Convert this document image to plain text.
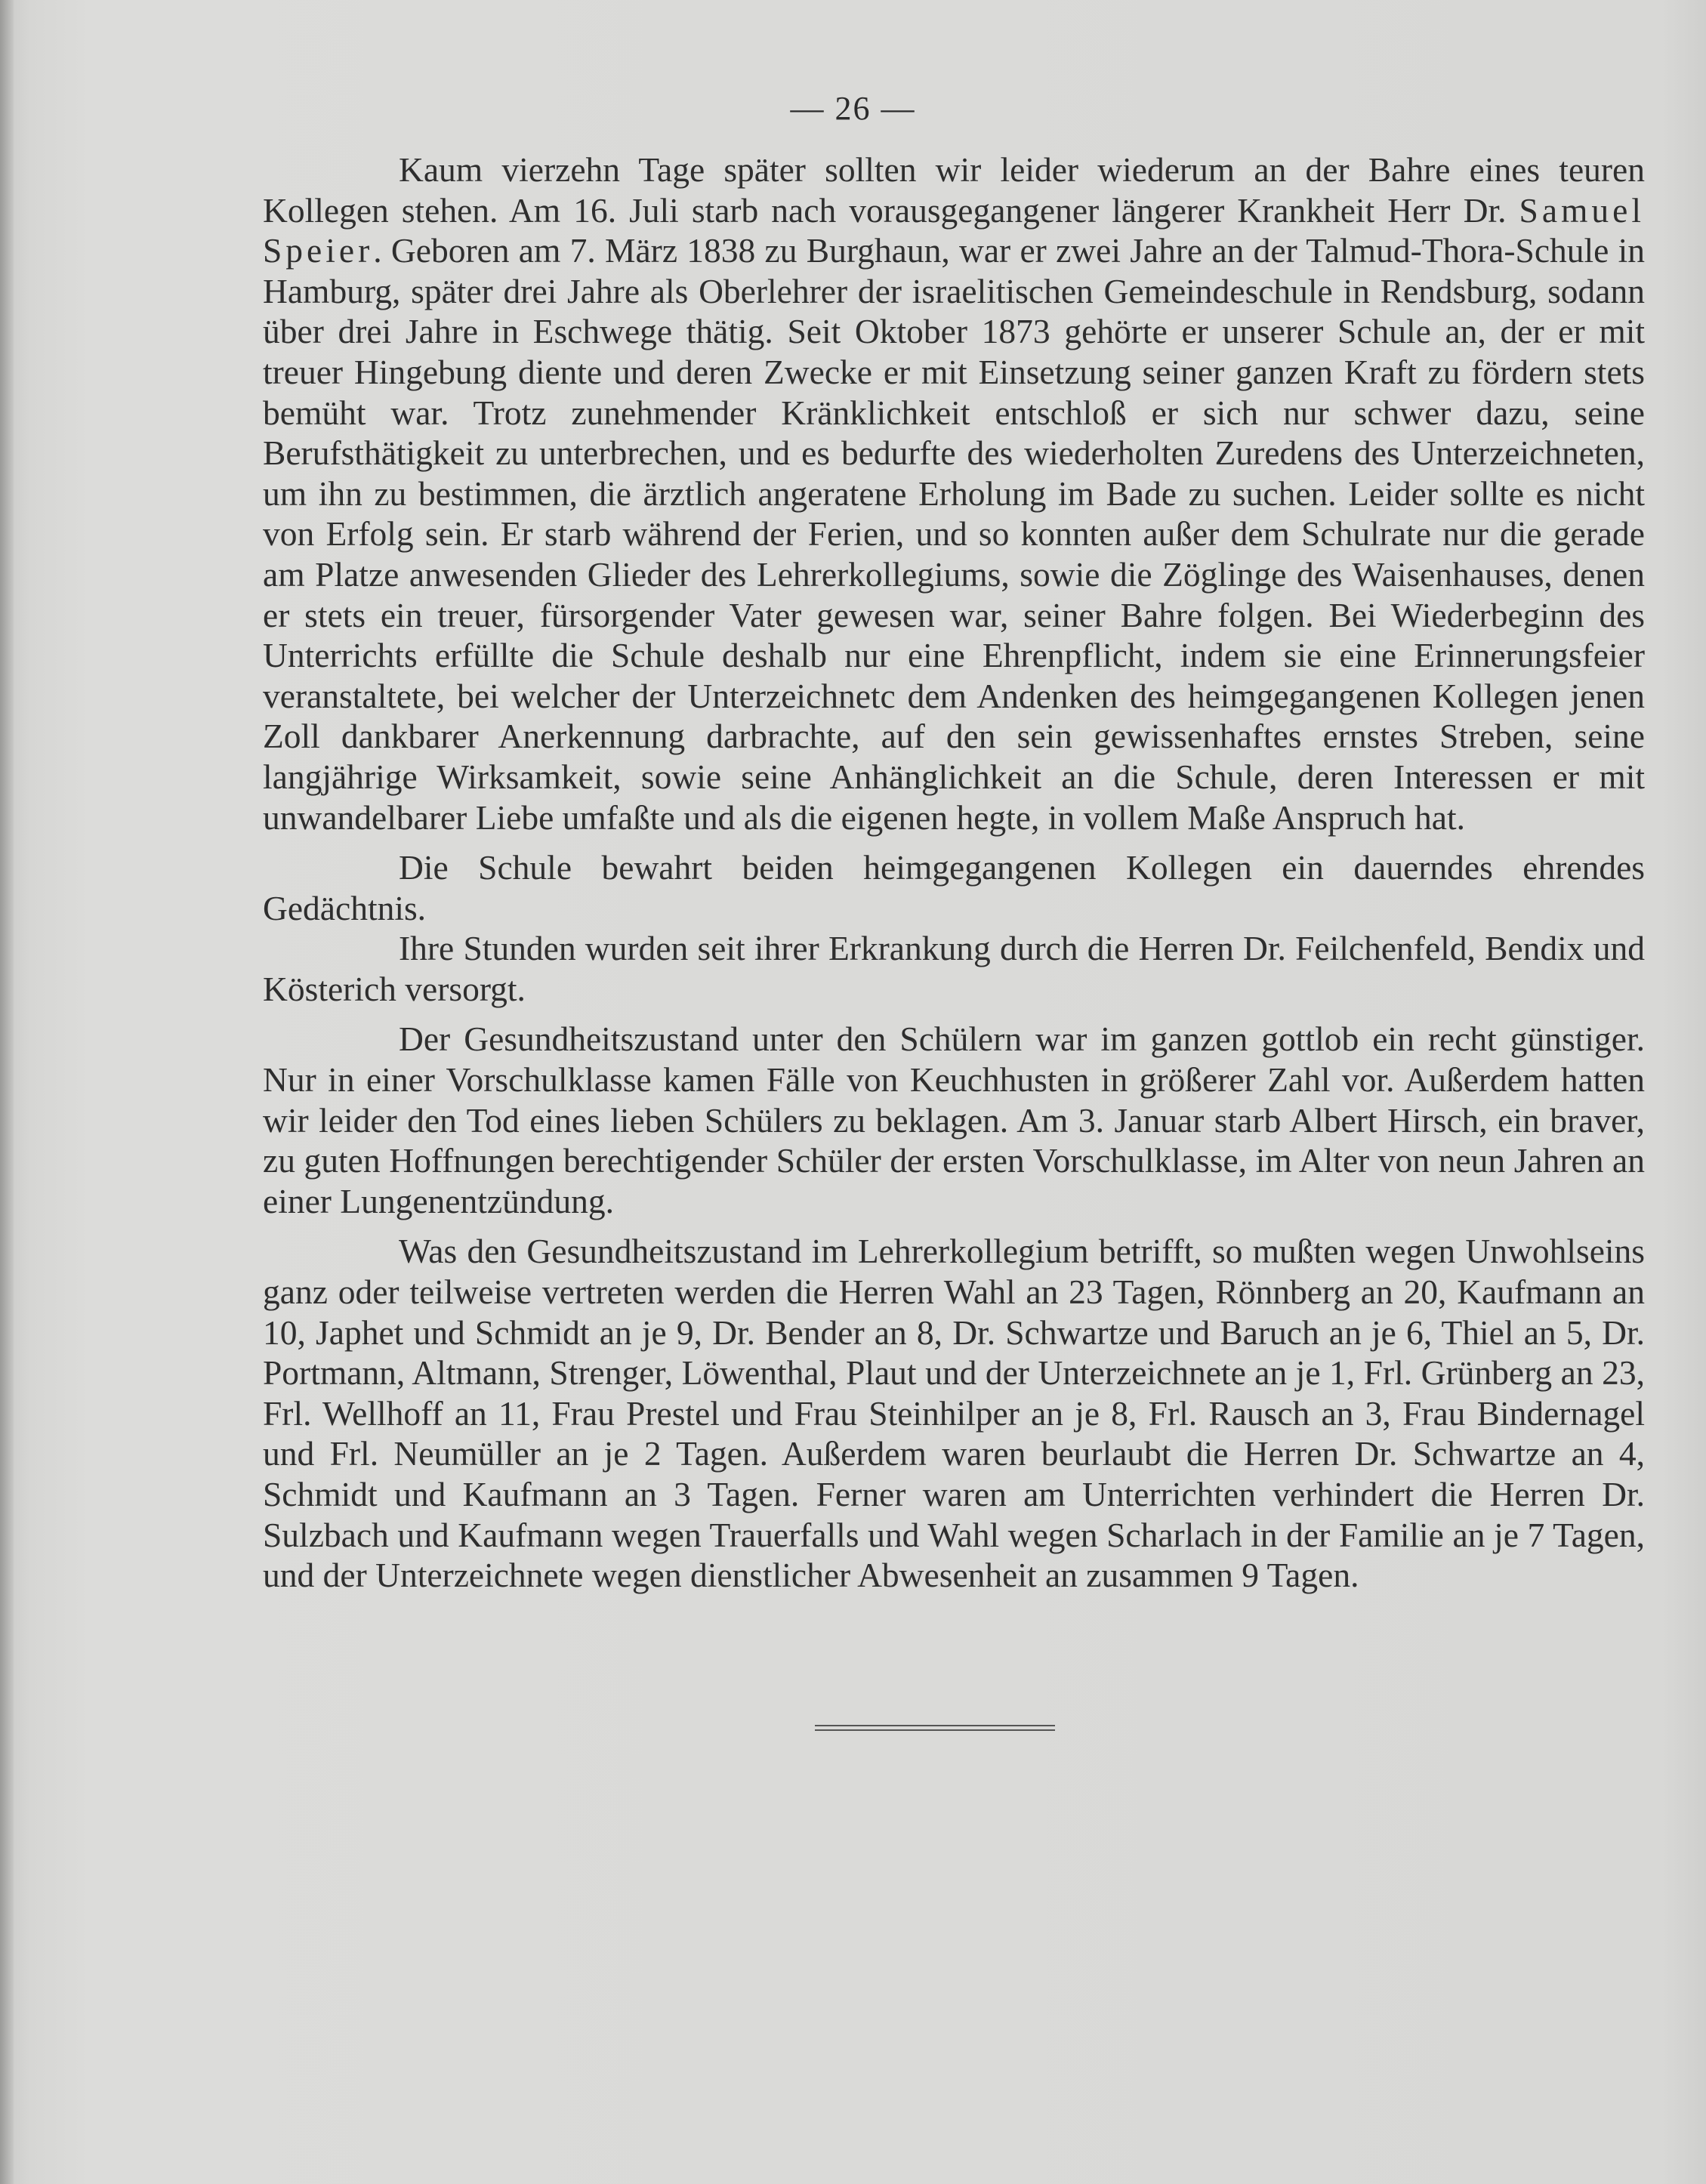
— 26 —

Kaum vierzehn Tage später sollten wir leider wiederum an der Bahre eines teuren Kollegen stehen. Am 16. Juli starb nach vorausgegangener längerer Krankheit Herr Dr. Samuel Speier. Geboren am 7. März 1838 zu Burghaun, war er zwei Jahre an der Talmud-Thora-Schule in Hamburg, später drei Jahre als Oberlehrer der israelitischen Gemeindeschule in Rendsburg, sodann über drei Jahre in Eschwege thätig. Seit Oktober 1873 gehörte er unserer Schule an, der er mit treuer Hingebung diente und deren Zwecke er mit Einsetzung seiner ganzen Kraft zu fördern stets bemüht war. Trotz zunehmender Kränklichkeit entschloß er sich nur schwer dazu, seine Berufsthätigkeit zu unterbrechen, und es bedurfte des wiederholten Zuredens des Unterzeichneten, um ihn zu bestimmen, die ärztlich angeratene Erholung im Bade zu suchen. Leider sollte es nicht von Erfolg sein. Er starb während der Ferien, und so konnten außer dem Schulrate nur die gerade am Platze anwesenden Glieder des Lehrerkollegiums, sowie die Zöglinge des Waisenhauses, denen er stets ein treuer, fürsorgender Vater gewesen war, seiner Bahre folgen. Bei Wiederbeginn des Unterrichts erfüllte die Schule deshalb nur eine Ehrenpflicht, indem sie eine Erinnerungsfeier veranstaltete, bei welcher der Unterzeichnetc dem Andenken des heimgegangenen Kollegen jenen Zoll dankbarer Anerkennung darbrachte, auf den sein gewissenhaftes ernstes Streben, seine langjährige Wirksamkeit, sowie seine Anhänglichkeit an die Schule, deren Interessen er mit unwandelbarer Liebe umfaßte und als die eigenen hegte, in vollem Maße Anspruch hat.

Die Schule bewahrt beiden heimgegangenen Kollegen ein dauerndes ehrendes Gedächtnis.

Ihre Stunden wurden seit ihrer Erkrankung durch die Herren Dr. Feilchenfeld, Bendix und Kösterich versorgt.

Der Gesundheitszustand unter den Schülern war im ganzen gottlob ein recht günstiger. Nur in einer Vorschulklasse kamen Fälle von Keuchhusten in größerer Zahl vor. Außerdem hatten wir leider den Tod eines lieben Schülers zu beklagen. Am 3. Januar starb Albert Hirsch, ein braver, zu guten Hoffnungen berechtigender Schüler der ersten Vorschulklasse, im Alter von neun Jahren an einer Lungenentzündung.

Was den Gesundheitszustand im Lehrerkollegium betrifft, so mußten wegen Unwohlseins ganz oder teilweise vertreten werden die Herren Wahl an 23 Tagen, Rönnberg an 20, Kaufmann an 10, Japhet und Schmidt an je 9, Dr. Bender an 8, Dr. Schwartze und Baruch an je 6, Thiel an 5, Dr. Portmann, Altmann, Strenger, Löwenthal, Plaut und der Unterzeichnete an je 1, Frl. Grünberg an 23, Frl. Wellhoff an 11, Frau Prestel und Frau Steinhilper an je 8, Frl. Rausch an 3, Frau Bindernagel und Frl. Neumüller an je 2 Tagen. Außerdem waren beurlaubt die Herren Dr. Schwartze an 4, Schmidt und Kaufmann an 3 Tagen. Ferner waren am Unterrichten verhindert die Herren Dr. Sulzbach und Kaufmann wegen Trauerfalls und Wahl wegen Scharlach in der Familie an je 7 Tagen, und der Unterzeichnete wegen dienstlicher Abwesenheit an zusammen 9 Tagen.
